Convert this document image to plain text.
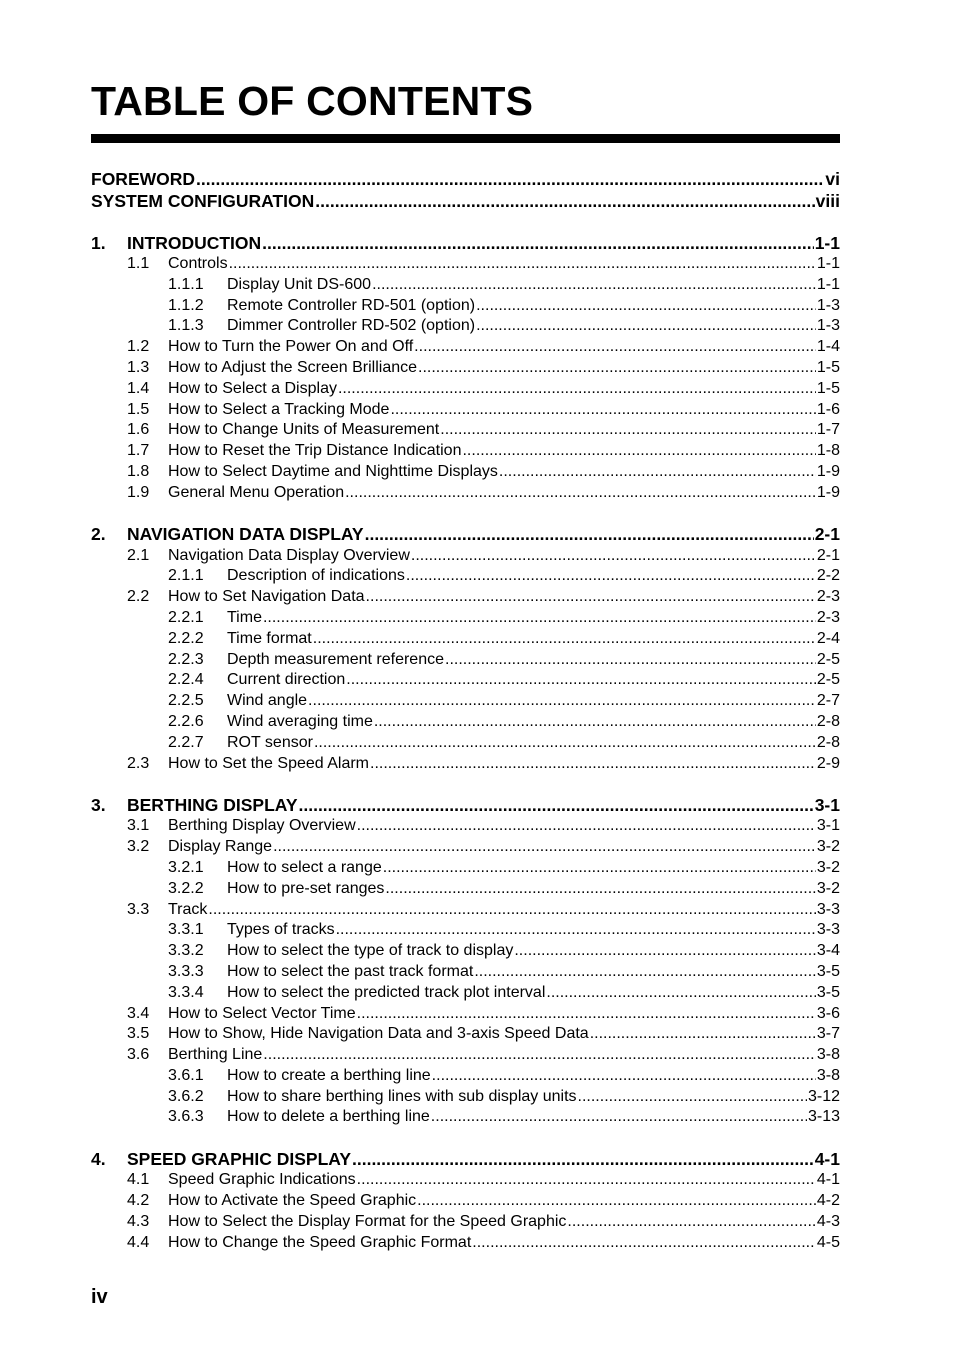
TABLE OF CONTENTS
FOREWORD .....	vi
SYSTEM CONFIGURATION .....	viii
1.	INTRODUCTION .....	1-1
1.1	Controls .....	1-1
1.1.1	Display Unit DS-600 .....	1-1
1.1.2	Remote Controller RD-501 (option) .....	1-3
1.1.3	Dimmer Controller RD-502 (option) .....	1-3
1.2	How to Turn the Power On and Off .....	1-4
1.3	How to Adjust the Screen Brilliance .....	1-5
1.4	How to Select a Display .....	1-5
1.5	How to Select a Tracking Mode .....	1-6
1.6	How to Change Units of Measurement .....	1-7
1.7	How to Reset the Trip Distance Indication .....	1-8
1.8	How to Select Daytime and Nighttime Displays .....	1-9
1.9	General Menu Operation .....	1-9
2.	NAVIGATION DATA DISPLAY .....	2-1
2.1	Navigation Data Display Overview .....	2-1
2.1.1	Description of indications .....	2-2
2.2	How to Set Navigation Data .....	2-3
2.2.1	Time .....	2-3
2.2.2	Time format .....	2-4
2.2.3	Depth measurement reference .....	2-5
2.2.4	Current direction .....	2-5
2.2.5	Wind angle .....	2-7
2.2.6	Wind averaging time .....	2-8
2.2.7	ROT sensor .....	2-8
2.3	How to Set the Speed Alarm .....	2-9
3.	BERTHING DISPLAY .....	3-1
3.1	Berthing Display Overview .....	3-1
3.2	Display Range .....	3-2
3.2.1	How to select a range .....	3-2
3.2.2	How to pre-set ranges .....	3-2
3.3	Track .....	3-3
3.3.1	Types of tracks .....	3-3
3.3.2	How to select the type of track to display .....	3-4
3.3.3	How to select the past track format .....	3-5
3.3.4	How to select the predicted track plot interval .....	3-5
3.4	How to Select Vector Time .....	3-6
3.5	How to Show, Hide Navigation Data and 3-axis Speed Data .....	3-7
3.6	Berthing Line .....	3-8
3.6.1	How to create a berthing line .....	3-8
3.6.2	How to share berthing lines with sub display units .....	3-12
3.6.3	How to delete a berthing line .....	3-13
4.	SPEED GRAPHIC DISPLAY .....	4-1
4.1	Speed Graphic Indications .....	4-1
4.2	How to Activate the Speed Graphic .....	4-2
4.3	How to Select the Display Format for the Speed Graphic .....	4-3
4.4	How to Change the Speed Graphic Format .....	4-5
iv
